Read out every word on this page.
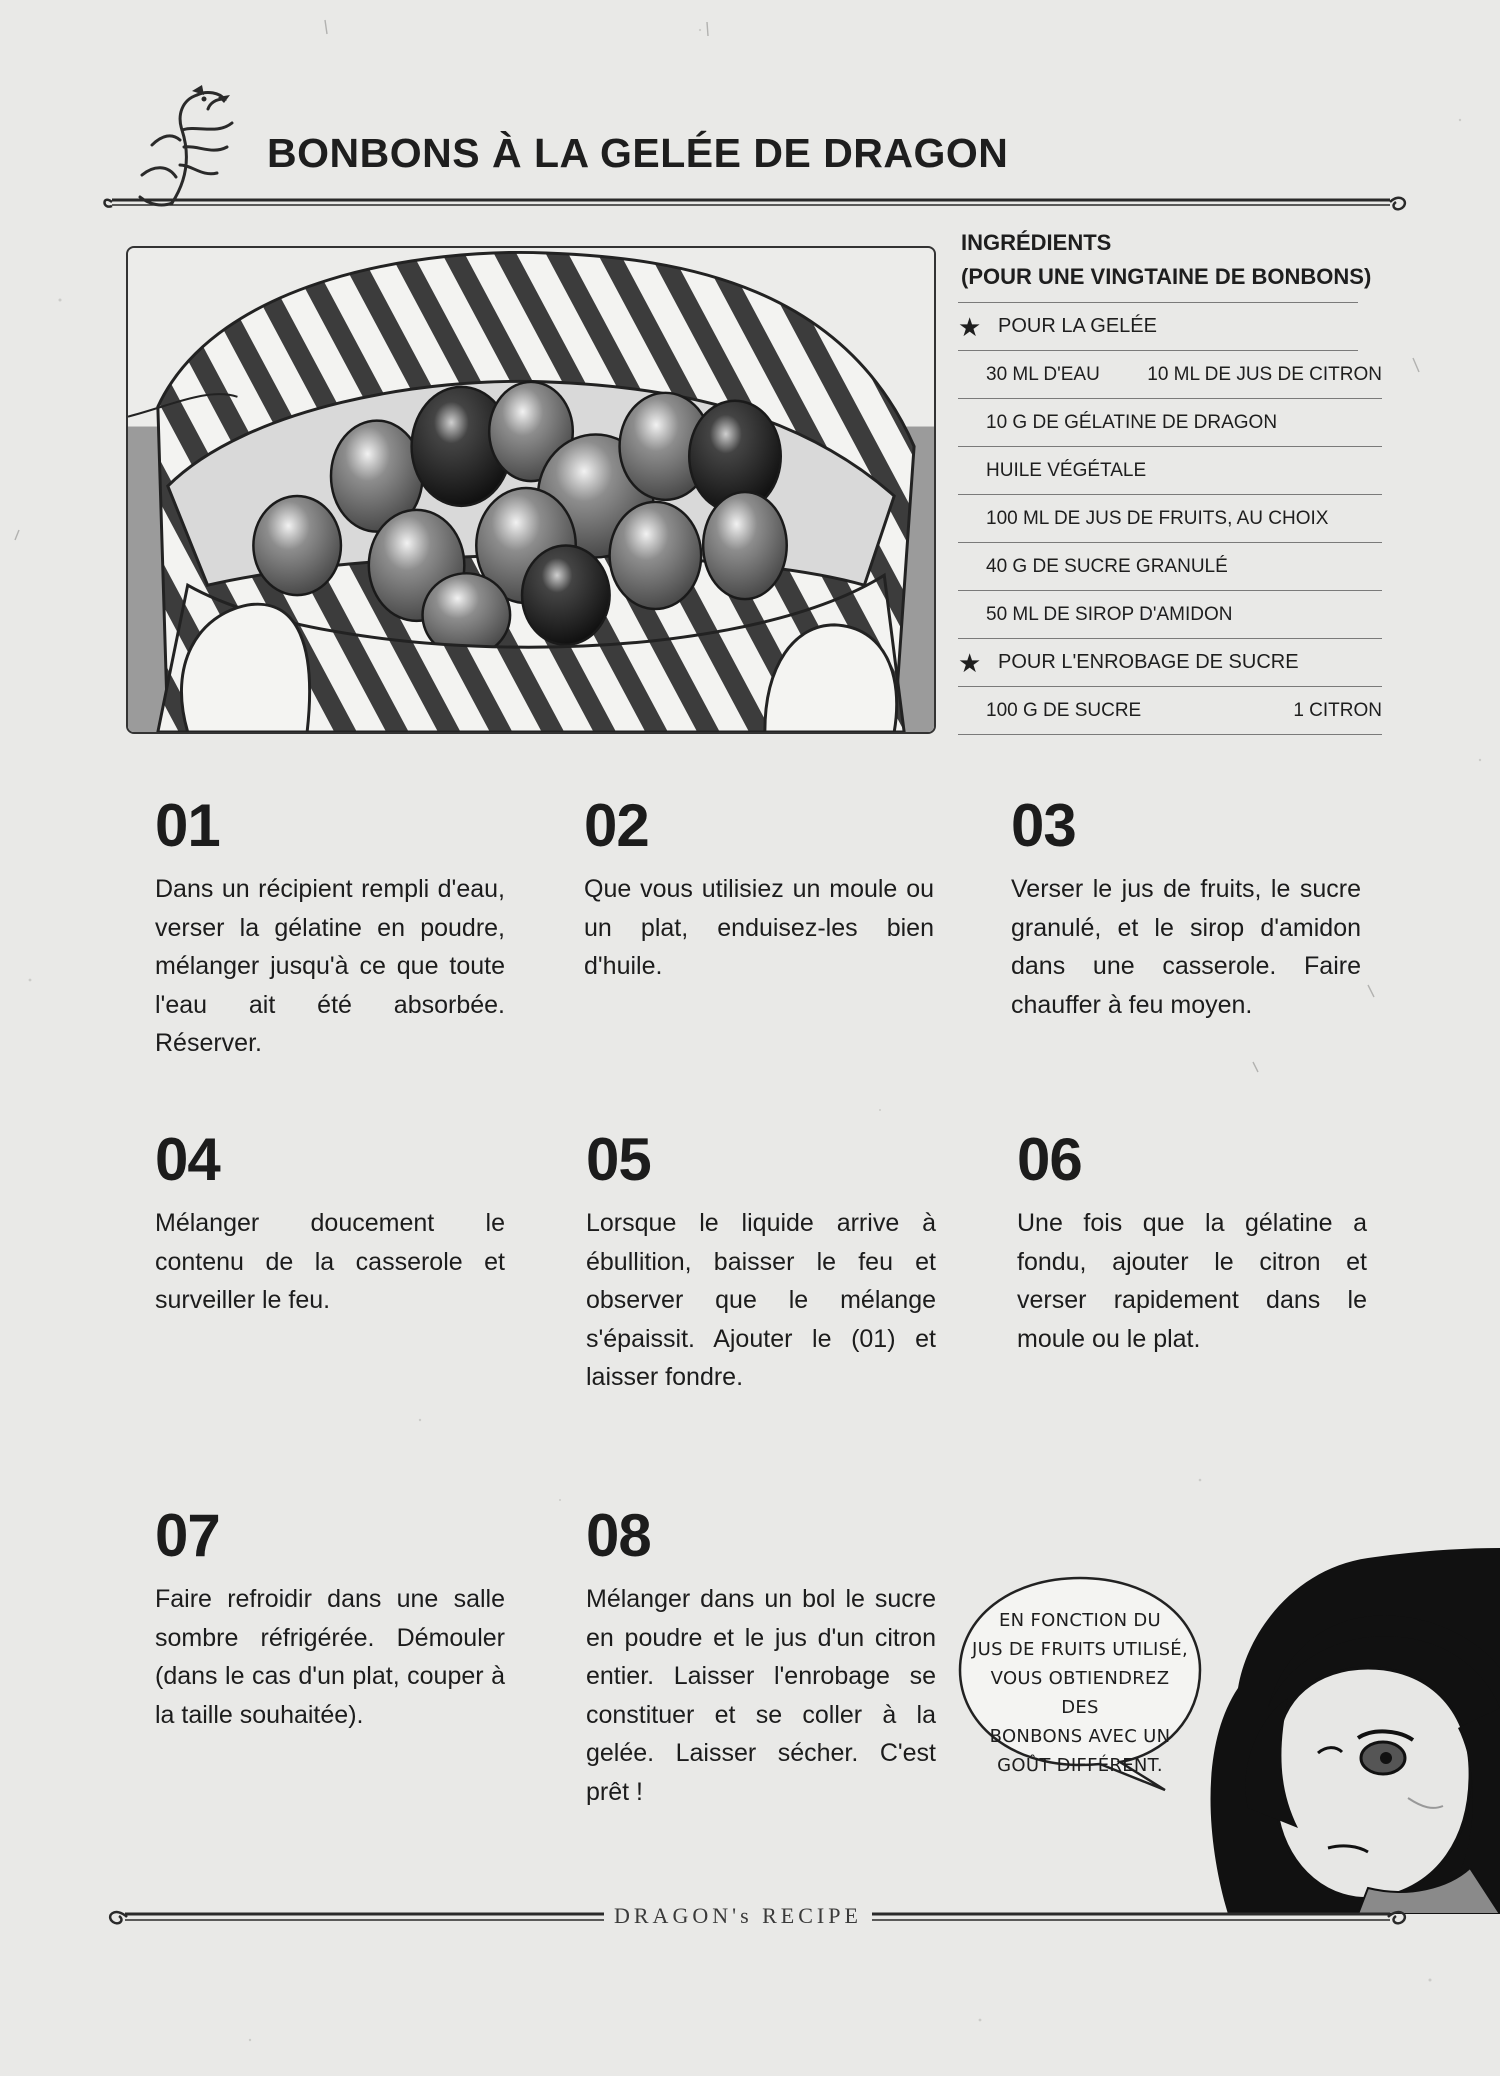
BONBONS À LA GELÉE DE DRAGON
INGRÉDIENTS
(POUR UNE VINGTAINE DE BONBONS)
★ POUR LA GELÉE
30 ML D'EAU 10 ML DE JUS DE CITRON
10 G DE GÉLATINE DE DRAGON
HUILE VÉGÉTALE
100 ML DE JUS DE FRUITS, AU CHOIX
40 G DE SUCRE GRANULÉ
50 ML DE SIROP D'AMIDON
★ POUR L'ENROBAGE DE SUCRE
100 G DE SUCRE	1 CITRON
01

Dans un récipient rempli d'eau, verser la gélatine en poudre, mélanger jusqu'à ce que toute l'eau ait été absorbée. Réserver.

02

Que vous utilisiez un moule ou un plat, enduisez-les bien d'huile.

03

Verser le jus de fruits, le sucre granulé, et le sirop d'amidon dans une casserole. Faire chauffer à feu moyen.

04

Mélanger doucement le contenu de la casserole et surveiller le feu.

05

Lorsque le liquide arrive à ébullition, baisser le feu et observer que le mélange s'épaissit. Ajouter le (01) et laisser fondre.

06

Une fois que la gélatine a fondu, ajouter le citron et verser rapidement dans le moule ou le plat.

07

Faire refroidir dans une salle sombre réfrigérée. Démouler (dans le cas d'un plat, couper à la taille souhaitée).

08

Mélanger dans un bol le sucre en poudre et le jus d'un citron entier. Laisser l'enrobage se constituer et se coller à la gelée. Laisser sécher. C'est prêt !

EN FONCTION DU
JUS DE FRUITS UTILISÉ,
VOUS OBTIENDREZ DES
BONBONS AVEC UN
GOÛT DIFFÉRENT.

DRAGON's RECIPE
